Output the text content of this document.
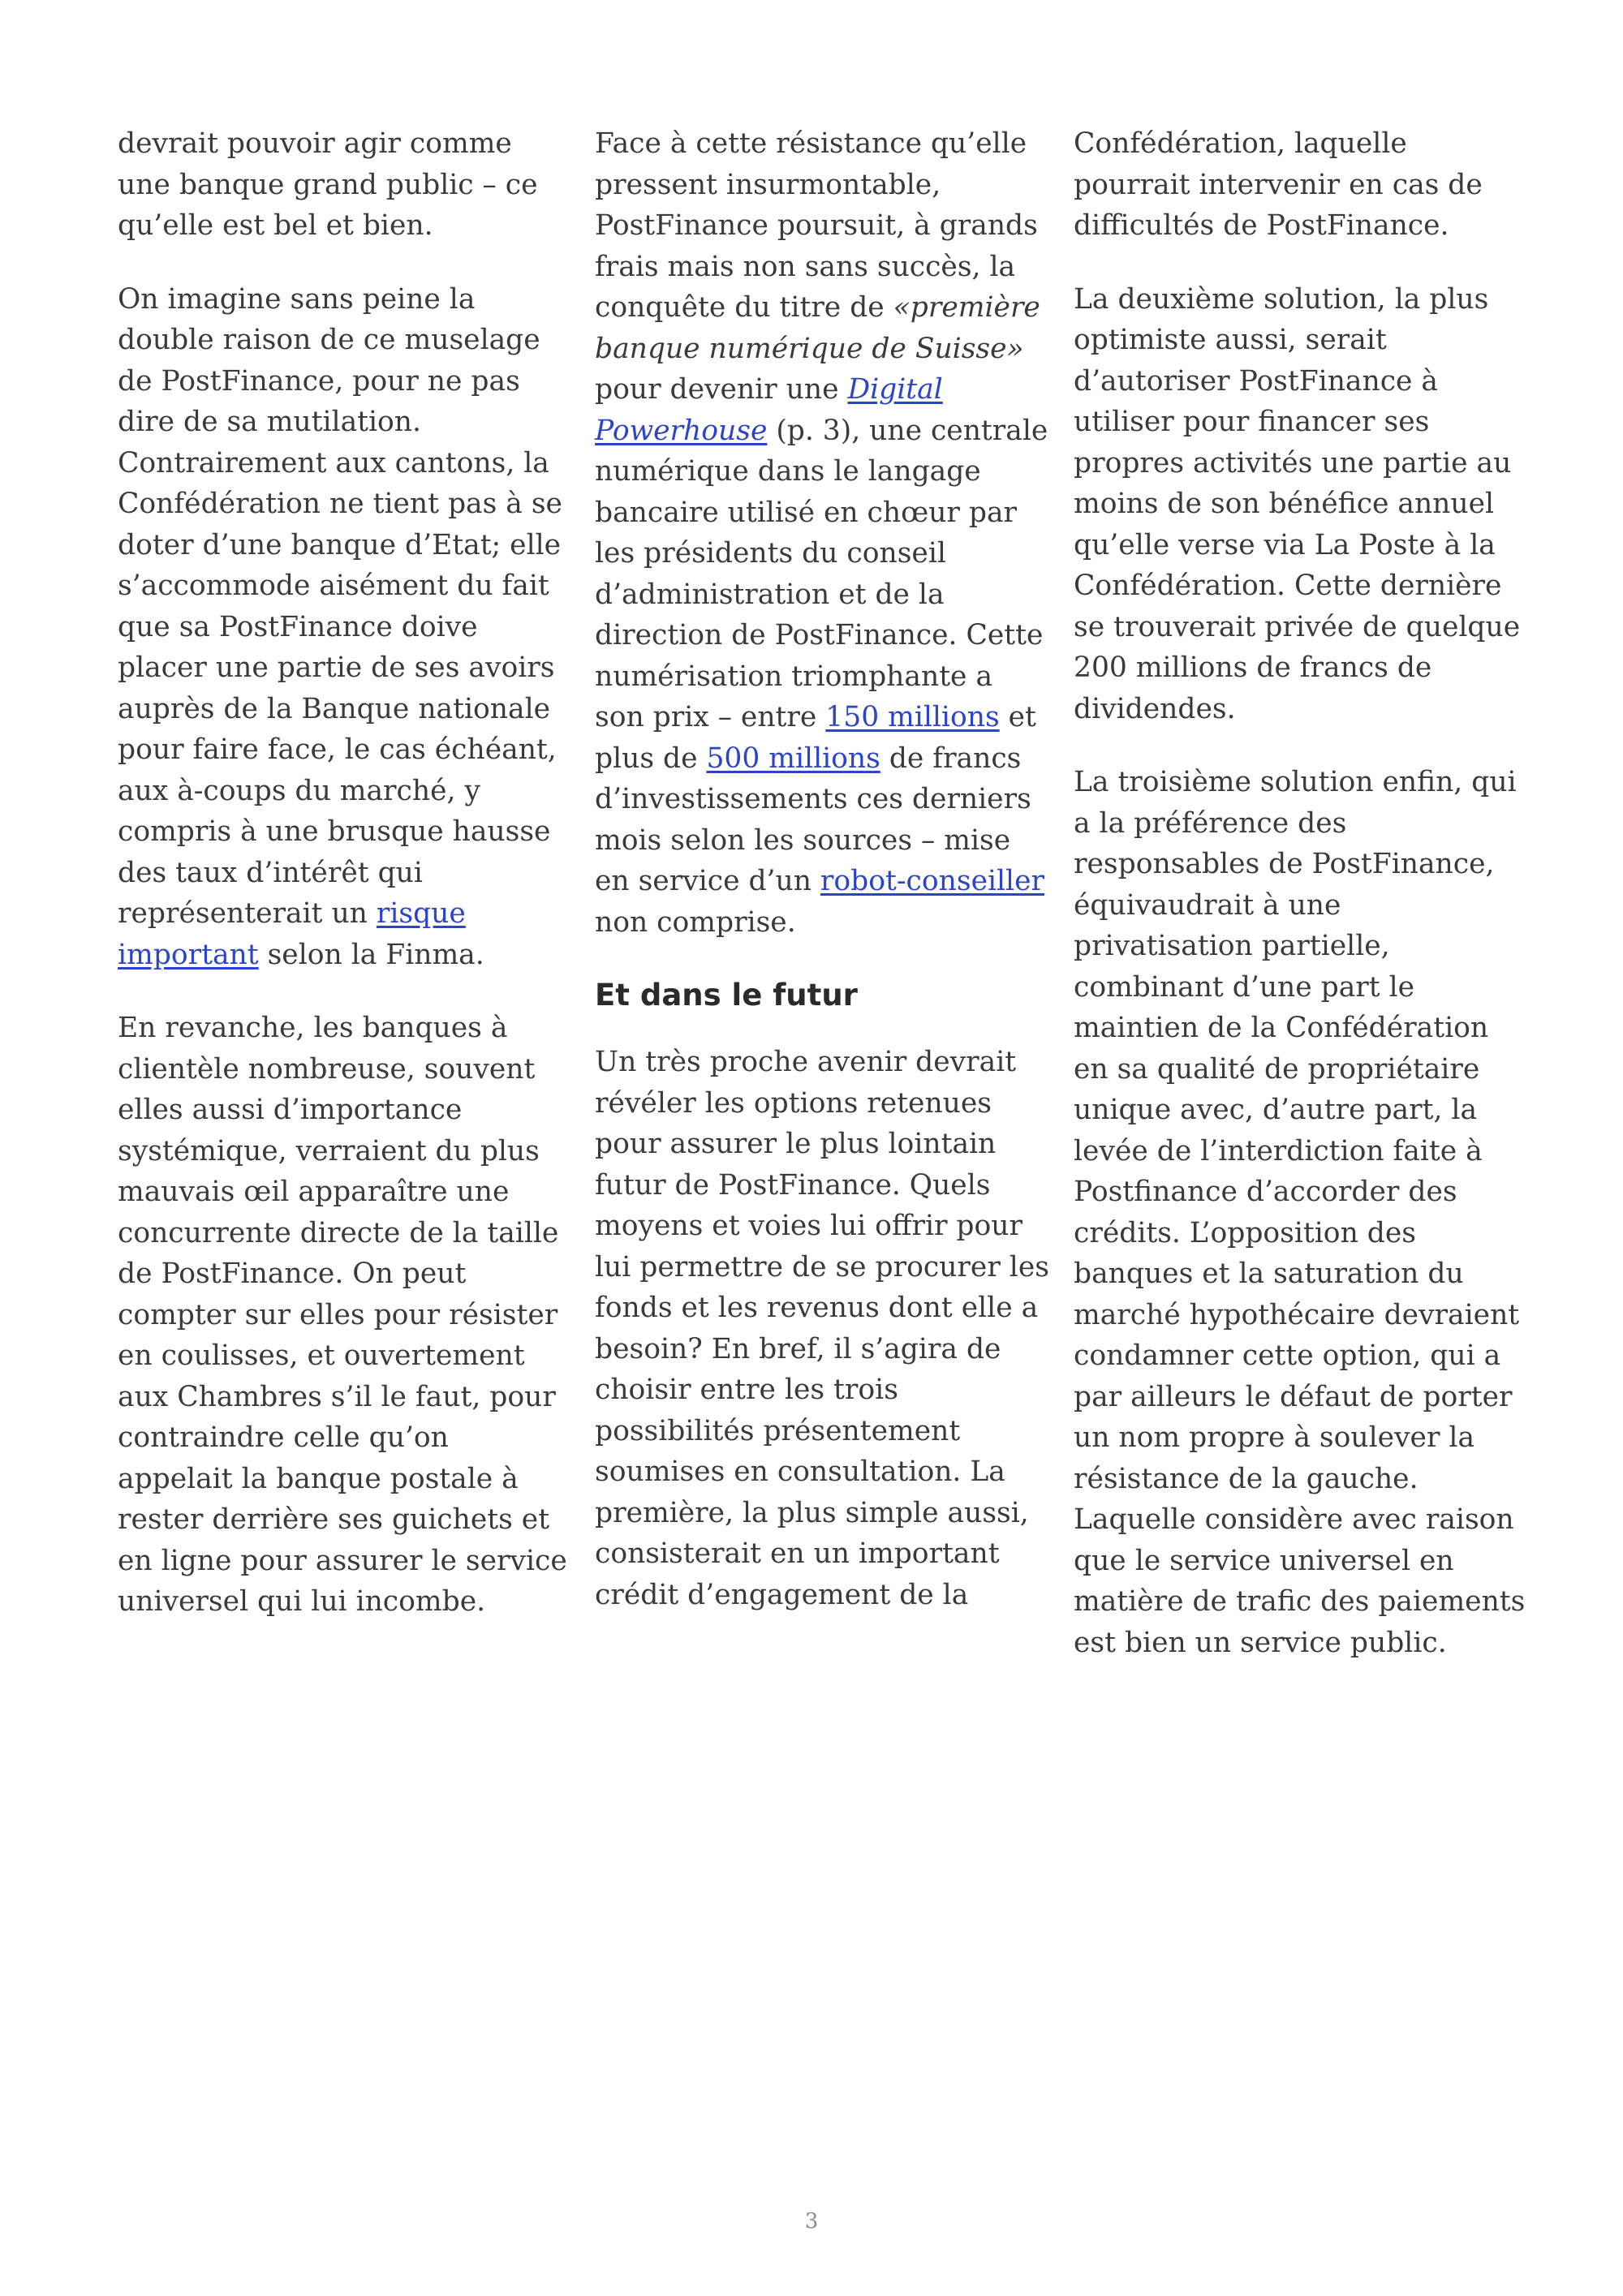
devrait pouvoir agir comme
une banque grand public – ce
qu’elle est bel et bien.

On imagine sans peine la
double raison de ce muselage
de PostFinance, pour ne pas
dire de sa mutilation.
Contrairement aux cantons, la
Confédération ne tient pas à se
doter d’une banque d’Etat; elle
s’accommode aisément du fait
que sa PostFinance doive
placer une partie de ses avoirs
auprès de la Banque nationale
pour faire face, le cas échéant,
aux à-coups du marché, y
compris à une brusque hausse
des taux d’intérêt qui
représenterait un risque
important selon la Finma.

En revanche, les banques à
clientèle nombreuse, souvent
elles aussi d’importance
systémique, verraient du plus
mauvais œil apparaître une
concurrente directe de la taille
de PostFinance. On peut
compter sur elles pour résister
en coulisses, et ouvertement
aux Chambres s’il le faut, pour
contraindre celle qu’on
appelait la banque postale à
rester derrière ses guichets et
en ligne pour assurer le service
universel qui lui incombe.

Face à cette résistance qu’elle
pressent insurmontable,
PostFinance poursuit, à grands
frais mais non sans succès, la
conquête du titre de «première
banque numérique de Suisse»
pour devenir une Digital
Powerhouse (p. 3), une centrale
numérique dans le langage
bancaire utilisé en chœur par
les présidents du conseil
d’administration et de la
direction de PostFinance. Cette
numérisation triomphante a
son prix – entre 150 millions et
plus de 500 millions de francs
d’investissements ces derniers
mois selon les sources – mise
en service d’un robot-conseiller
non comprise.

Et dans le futur

Un très proche avenir devrait
révéler les options retenues
pour assurer le plus lointain
futur de PostFinance. Quels
moyens et voies lui offrir pour
lui permettre de se procurer les
fonds et les revenus dont elle a
besoin? En bref, il s’agira de
choisir entre les trois
possibilités présentement
soumises en consultation. La
première, la plus simple aussi,
consisterait en un important
crédit d’engagement de la

Confédération, laquelle
pourrait intervenir en cas de
difficultés de PostFinance.

La deuxième solution, la plus
optimiste aussi, serait
d’autoriser PostFinance à
utiliser pour financer ses
propres activités une partie au
moins de son bénéfice annuel
qu’elle verse via La Poste à la
Confédération. Cette dernière
se trouverait privée de quelque
200 millions de francs de
dividendes.

La troisième solution enfin, qui
a la préférence des
responsables de PostFinance,
équivaudrait à une
privatisation partielle,
combinant d’une part le
maintien de la Confédération
en sa qualité de propriétaire
unique avec, d’autre part, la
levée de l’interdiction faite à
Postfinance d’accorder des
crédits. L’opposition des
banques et la saturation du
marché hypothécaire devraient
condamner cette option, qui a
par ailleurs le défaut de porter
un nom propre à soulever la
résistance de la gauche.
Laquelle considère avec raison
que le service universel en
matière de trafic des paiements
est bien un service public.

3
